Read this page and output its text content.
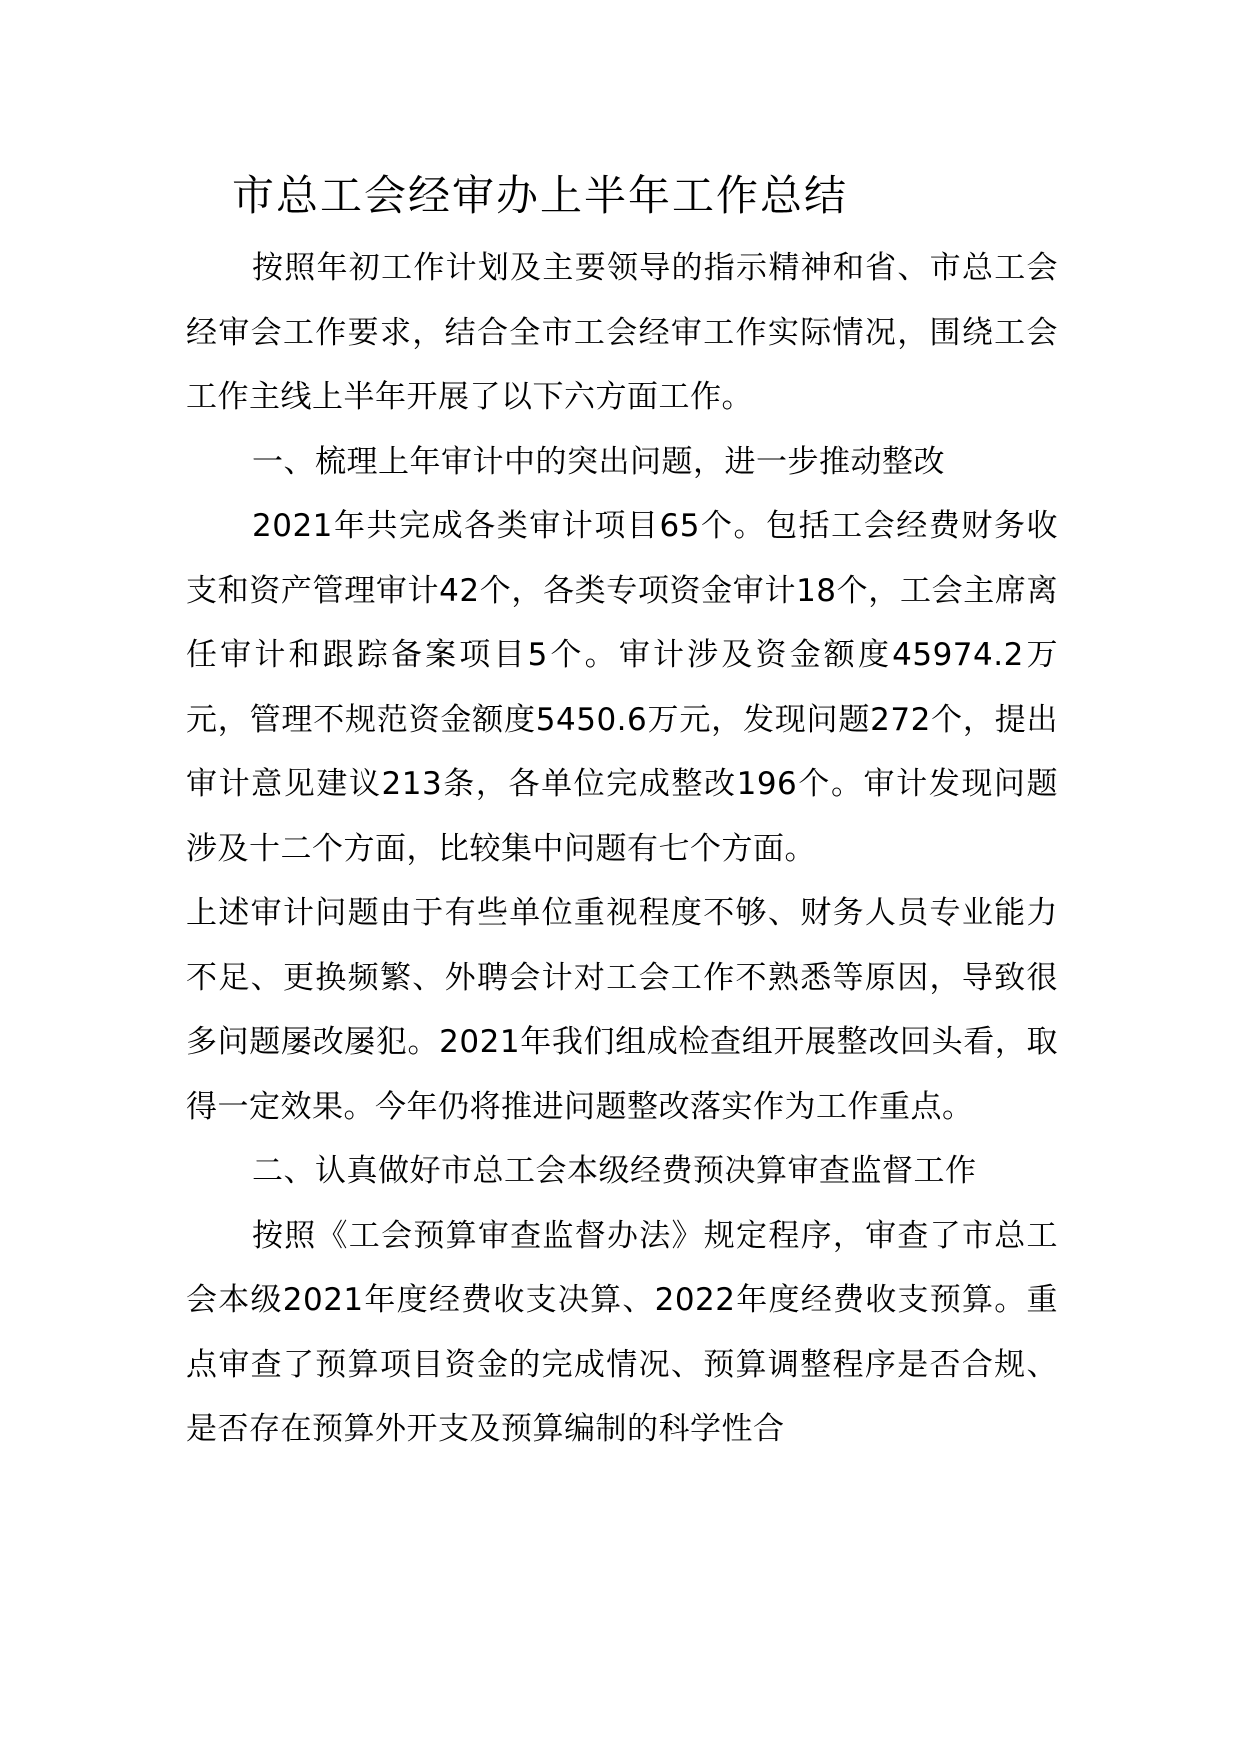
市总工会经审办上半年工作总结

按照年初工作计划及主要领导的指示精神和省、市总工会经审会工作要求，结合全市工会经审工作实际情况，围绕工会工作主线上半年开展了以下六方面工作。

一、梳理上年审计中的突出问题，进一步推动整改

2021年共完成各类审计项目65个。包括工会经费财务收支和资产管理审计42个，各类专项资金审计18个，工会主席离任审计和跟踪备案项目5个。审计涉及资金额度45974.2万元，管理不规范资金额度5450.6万元，发现问题272个，提出审计意见建议213条，各单位完成整改196个。审计发现问题涉及十二个方面，比较集中问题有七个方面。

上述审计问题由于有些单位重视程度不够、财务人员专业能力不足、更换频繁、外聘会计对工会工作不熟悉等原因，导致很多问题屡改屡犯。2021年我们组成检查组开展整改回头看，取得一定效果。今年仍将推进问题整改落实作为工作重点。

二、认真做好市总工会本级经费预决算审查监督工作

按照《工会预算审查监督办法》规定程序，审查了市总工会本级2021年度经费收支决算、2022年度经费收支预算。重点审查了预算项目资金的完成情况、预算调整程序是否合规、是否存在预算外开支及预算编制的科学性合
